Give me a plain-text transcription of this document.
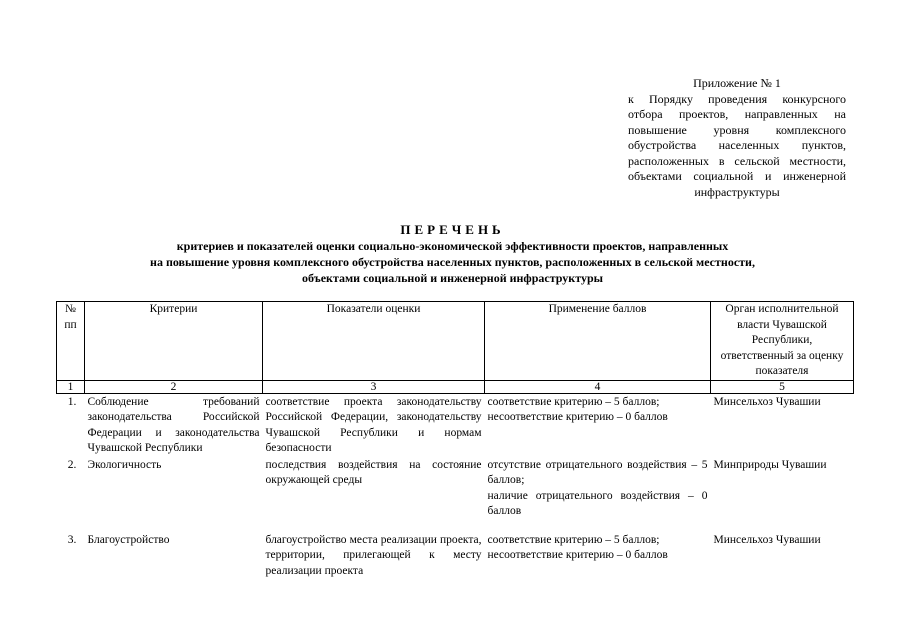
Приложение № 1
к Порядку проведения конкурсного отбора проектов, направленных на повышение уровня комплексного обустройства населенных пунктов, расположенных в сельской местности, объектами социальной и инженерной инфраструктуры
ПЕРЕЧЕНЬ
критериев и показателей оценки социально-экономической эффективности проектов, направленных
на повышение уровня комплексного обустройства населенных пунктов, расположенных в сельской местности,
объектами социальной и инженерной инфраструктуры
№ пп	Критерии	Показатели оценки	Применение баллов	Орган исполнительной власти Чувашской Республики, ответственный за оценку показателя
1	2	3	4	5
1.	Соблюдение требований законодательства Российской Федерации и законодательства Чувашской Республики	соответствие проекта законодательству Российской Федерации, законодательству Чувашской Республики и нормам безопасности	соответствие критерию – 5 баллов;
несоответствие критерию – 0 баллов	Минсельхоз Чувашии
2.	Экологичность	последствия воздействия на состояние окружающей среды	отсутствие отрицательного воздействия – 5 баллов;
наличие отрицательного воздействия – 0 баллов	Минприроды Чувашии
3.	Благоустройство	благоустройство места реализации проекта, территории, прилегающей к месту реализации проекта	соответствие критерию – 5 баллов;
несоответствие критерию – 0 баллов	Минсельхоз Чувашии
